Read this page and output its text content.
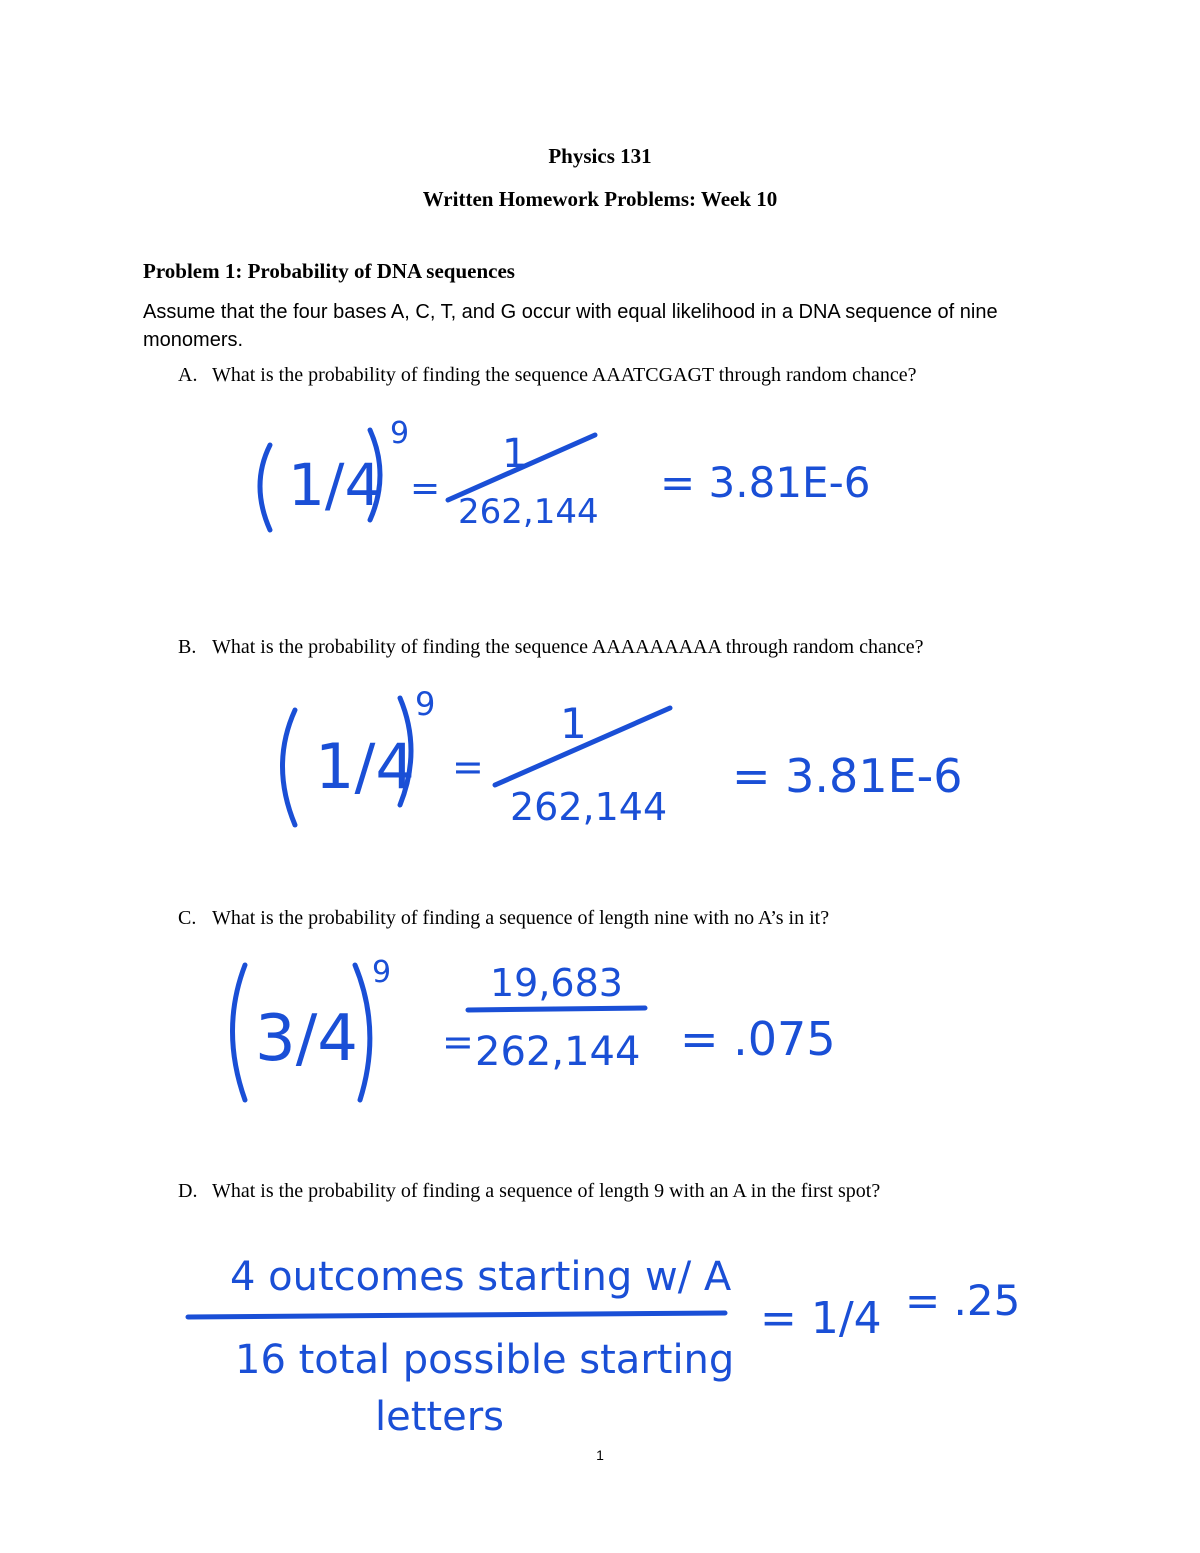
Physics 131
Written Homework Problems: Week 10
Problem 1: Probability of DNA sequences
Assume that the four bases A, C, T, and G occur with equal likelihood in a DNA sequence of nine monomers.
A. What is the probability of finding the sequence AAATCGAGT through random chance?
1/4
9
=
1
262,144
= 3.81E-6
B. What is the probability of finding the sequence AAAAAAAAA through random chance?
1/4
9
=
1
262,144
= 3.81E-6
C. What is the probability of finding a sequence of length nine with no A’s in it?
3/4
9	19,683
= 262,144 = .075
D. What is the probability of finding a sequence of length 9 with an A in the first spot?
4 outcomes starting w/ A
16 total possible starting
letters
= 1/4 = .25
1
